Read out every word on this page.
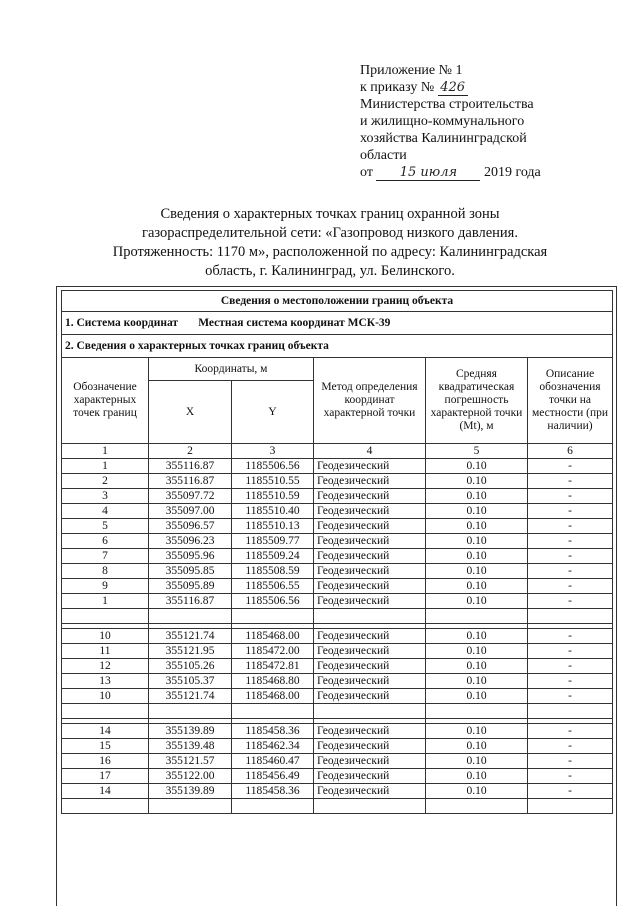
Приложение № 1
к приказу № 426
Министерства строительства
и жилищно-коммунального
хозяйства Калининградской
области
от 15 июля 2019 года
Сведения о характерных точках границ охранной зоны
газораспределительной сети: «Газопровод низкого давления.
Протяженность: 1170 м», расположенной по адресу: Калининградская
область, г. Калининград, ул. Белинского.
Сведения о местоположении границ объекта					
1. Система координат Местная система координат МСК-39					
2. Сведения о характерных точках границ объекта					
Обозначение характерных точек границ	Координаты, м		Метод определения координат характерной точки	Средняя квадратическая погрешность характерной точки (Mt), м	Описание обозначения точки на местности (при наличии)
	X	Y			
1	2	3	4	5	6
1	355116.87	1185506.56	Геодезический	0.10	-
2	355116.87	1185510.55	Геодезический	0.10	-
3	355097.72	1185510.59	Геодезический	0.10	-
4	355097.00	1185510.40	Геодезический	0.10	-
5	355096.57	1185510.13	Геодезический	0.10	-
6	355096.23	1185509.77	Геодезический	0.10	-
7	355095.96	1185509.24	Геодезический	0.10	-
8	355095.85	1185508.59	Геодезический	0.10	-
9	355095.89	1185506.55	Геодезический	0.10	-
1	355116.87	1185506.56	Геодезический	0.10	-

10	355121.74	1185468.00	Геодезический	0.10	-
11	355121.95	1185472.00	Геодезический	0.10	-
12	355105.26	1185472.81	Геодезический	0.10	-
13	355105.37	1185468.80	Геодезический	0.10	-
10	355121.74	1185468.00	Геодезический	0.10	-

14	355139.89	1185458.36	Геодезический	0.10	-
15	355139.48	1185462.34	Геодезический	0.10	-
16	355121.57	1185460.47	Геодезический	0.10	-
17	355122.00	1185456.49	Геодезический	0.10	-
14	355139.89	1185458.36	Геодезический	0.10	-
